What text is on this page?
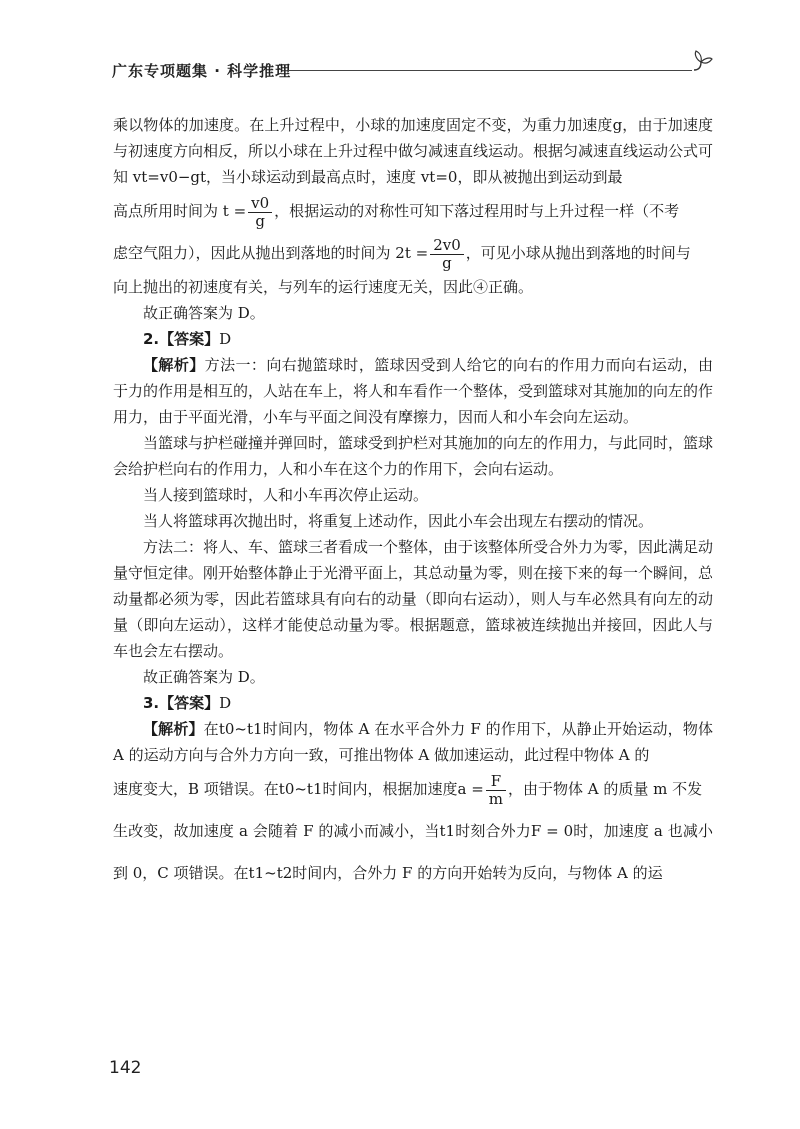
广东专项题集 · 科学推理

乘以物体的加速度。在上升过程中，小球的加速度固定不变，为重力加速度g，由于加速度与初速度方向相反，所以小球在上升过程中做匀减速直线运动。根据匀减速直线运动公式可知 vt=v0−gt，当小球运动到最高点时，速度 vt=0，即从被抛出到运动到最

高点所用时间为 $t = \frac{v0}{g}$ ，根据运动的对称性可知下落过程用时与上升过程一样（不考

虑空气阻力），因此从抛出到落地的时间为 $2t = \frac{2v0}{g}$ ，可见小球从抛出到落地的时间与

向上抛出的初速度有关，与列车的运行速度无关，因此④正确。

故正确答案为 D。

2.【答案】D

【解析】方法一：向右抛篮球时，篮球因受到人给它的向右的作用力而向右运动，由于力的作用是相互的，人站在车上，将人和车看作一个整体，受到篮球对其施加的向左的作用力，由于平面光滑，小车与平面之间没有摩擦力，因而人和小车会向左运动。

当篮球与护栏碰撞并弹回时，篮球受到护栏对其施加的向左的作用力，与此同时，篮球会给护栏向右的作用力，人和小车在这个力的作用下，会向右运动。

当人接到篮球时，人和小车再次停止运动。

当人将篮球再次抛出时，将重复上述动作，因此小车会出现左右摆动的情况。

方法二：将人、车、篮球三者看成一个整体，由于该整体所受合外力为零，因此满足动量守恒定律。刚开始整体静止于光滑平面上，其总动量为零，则在接下来的每一个瞬间，总动量都必须为零，因此若篮球具有向右的动量（即向右运动），则人与车必然具有向左的动量（即向左运动），这样才能使总动量为零。根据题意，篮球被连续抛出并接回，因此人与车也会左右摆动。

故正确答案为 D。

3.【答案】D

【解析】在t0~t1时间内，物体 A 在水平合外力 F 的作用下，从静止开始运动，物体 A 的运动方向与合外力方向一致，可推出物体 A 做加速运动，此过程中物体 A 的

速度变大，B 项错误。在t0~t1时间内，根据加速度$a = \frac{F}{m}$ ，由于物体 A 的质量 m 不发

生改变，故加速度 a 会随着 F 的减小而减小，当t1时刻合外力F = 0时，加速度 a 也减小到 0，C 项错误。在t1~t2时间内，合外力 F 的方向开始转为反向，与物体 A 的运

142
